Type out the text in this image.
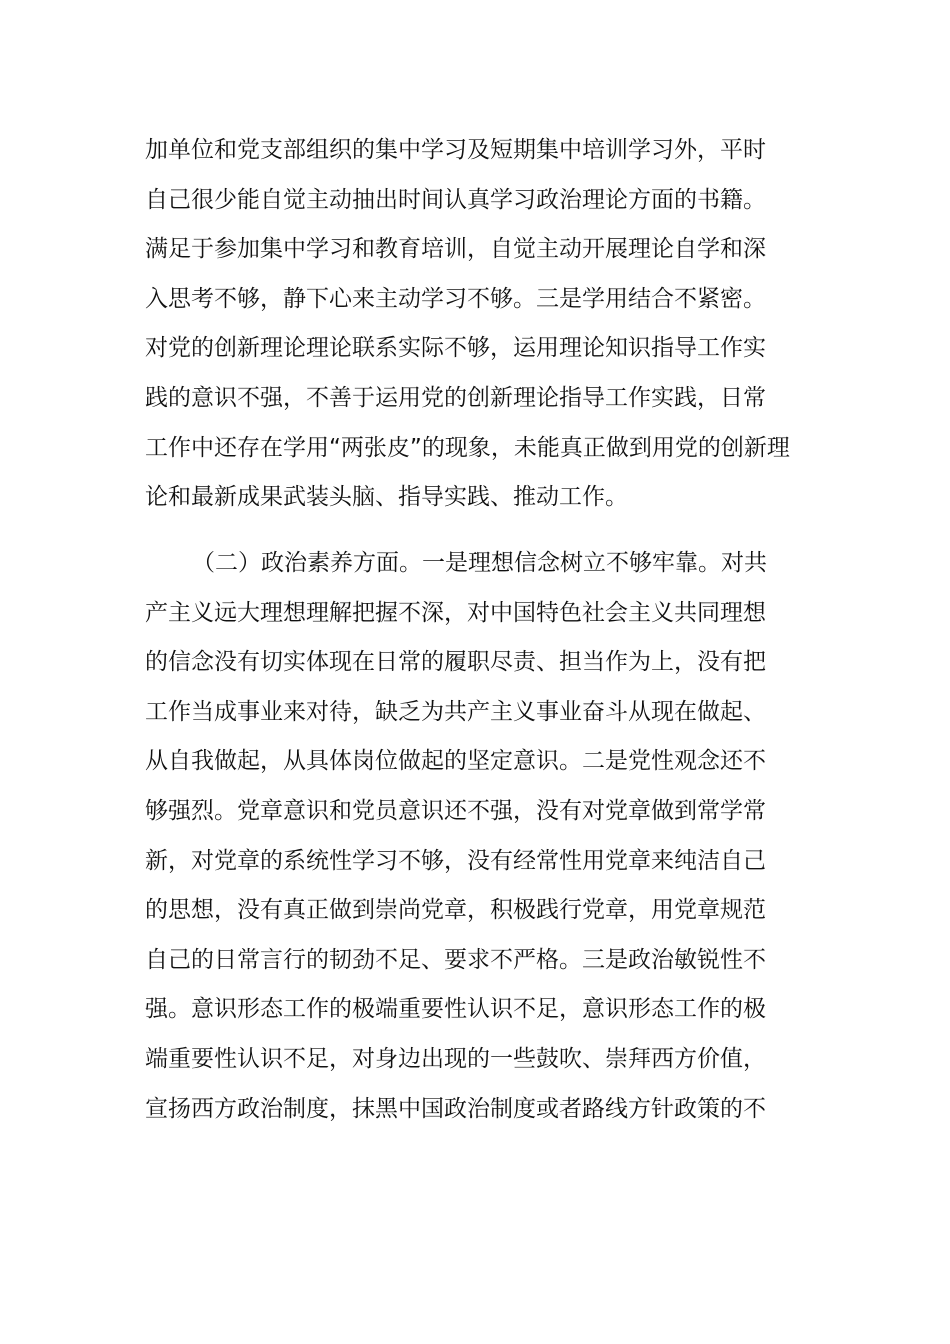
加单位和党支部组织的集中学习及短期集中培训学习外，平时
自己很少能自觉主动抽出时间认真学习政治理论方面的书籍。
满足于参加集中学习和教育培训，自觉主动开展理论自学和深
入思考不够，静下心来主动学习不够。三是学用结合不紧密。
对党的创新理论理论联系实际不够，运用理论知识指导工作实
践的意识不强，不善于运用党的创新理论指导工作实践，日常
工作中还存在学用“两张皮”的现象，未能真正做到用党的创新理
论和最新成果武装头脑、指导实践、推动工作。
（二）政治素养方面。一是理想信念树立不够牢靠。对共
产主义远大理想理解把握不深，对中国特色社会主义共同理想
的信念没有切实体现在日常的履职尽责、担当作为上，没有把
工作当成事业来对待，缺乏为共产主义事业奋斗从现在做起、
从自我做起，从具体岗位做起的坚定意识。二是党性观念还不
够强烈。党章意识和党员意识还不强，没有对党章做到常学常
新，对党章的系统性学习不够，没有经常性用党章来纯洁自己
的思想，没有真正做到崇尚党章，积极践行党章，用党章规范
自己的日常言行的韧劲不足、要求不严格。三是政治敏锐性不
强。意识形态工作的极端重要性认识不足，意识形态工作的极
端重要性认识不足，对身边出现的一些鼓吹、崇拜西方价值，
宣扬西方政治制度，抹黑中国政治制度或者路线方针政策的不
